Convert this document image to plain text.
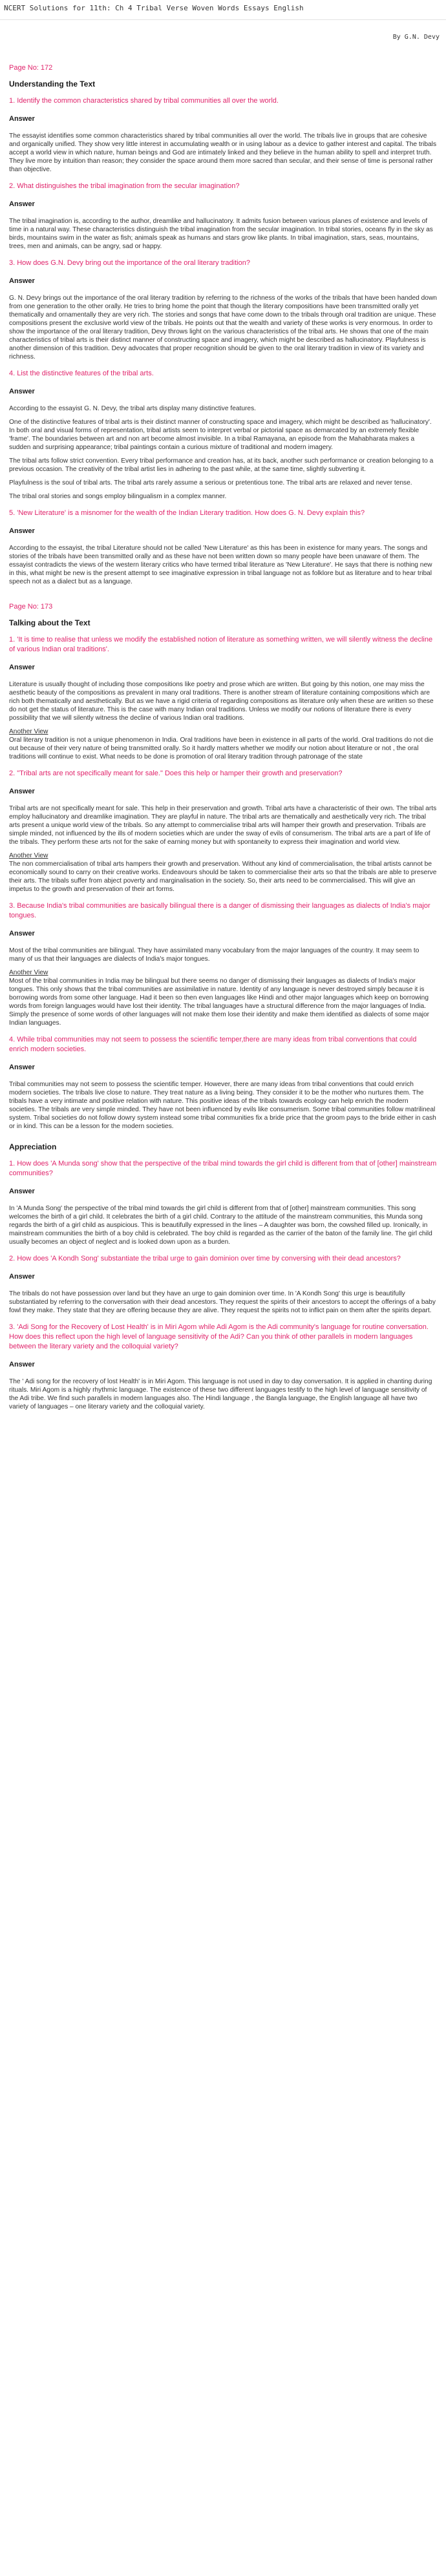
NCERT Solutions for 11th: Ch 4 Tribal Verse Woven Words Essays English
By G.N. Devy
Page No: 172
Understanding the Text
1. Identify the common characteristics shared by tribal communities all over the world.
Answer

The essayist identifies some common characteristics shared by tribal communities all over the world. The tribals live in groups that are cohesive and organically unified. They show very little interest in accumulating wealth or in using labour as a device to gather interest and capital. The tribals accept a world view in which nature, human beings and God are intimately linked and they believe in the human ability to spell and interpret truth. They live more by intuition than reason; they consider the space around them more sacred than secular, and their sense of time is personal rather than objective.

2. What distinguishes the tribal imagination from the secular imagination?
Answer

The tribal imagination is, according to the author, dreamlike and hallucinatory. It admits fusion between various planes of existence and levels of time in a natural way. These characteristics distinguish the tribal imagination from the secular imagination. In tribal stories, oceans fly in the sky as birds, mountains swim in the water as fish; animals speak as humans and stars grow like plants. In tribal imagination, stars, seas, mountains, trees, men and animals, can be angry, sad or happy.

3. How does G.N. Devy bring out the importance of the oral literary tradition?
Answer

G. N. Devy brings out the importance of the oral literary tradition by referring to the richness of the works of the tribals that have been handed down from one generation to the other orally. He tries to bring home the point that though the literary compositions have been transmitted orally yet thematically and ornamentally they are very rich. The stories and songs that have come down to the tribals through oral tradition are unique. These compositions present the exclusive world view of the tribals. He points out that the wealth and variety of these works is very enormous. In order to show the importance of the oral literary tradition, Devy throws light on the various characteristics of the tribal arts. He shows that one of the main characteristics of tribal arts is their distinct manner of constructing space and imagery, which might be described as hallucinatory. Playfulness is another dimension of this tradition. Devy advocates that proper recognition should be given to the oral literary tradition in view of its variety and richness.

4. List the distinctive features of the tribal arts.
Answer

According to the essayist G. N. Devy, the tribal arts display many distinctive features.

One of the distinctive features of tribal arts is their distinct manner of constructing space and imagery, which might be described as 'hallucinatory'. In both oral and visual forms of representation, tribal artists seem to interpret verbal or pictorial space as demarcated by an extremely flexible 'frame'. The boundaries between art and non art become almost invisible. In a tribal Ramayana, an episode from the Mahabharata makes a sudden and surprising appearance; tribal paintings contain a curious mixture of traditional and modern imagery.

The tribal arts follow strict convention. Every tribal performance and creation has, at its back, another such performance or creation belonging to a previous occasion. The creativity of the tribal artist lies in adhering to the past while, at the same time, slightly subverting it.

Playfulness is the soul of tribal arts. The tribal arts rarely assume a serious or pretentious tone. The tribal arts are relaxed and never tense.

The tribal oral stories and songs employ bilingualism in a complex manner.

5. 'New Literature' is a misnomer for the wealth of the Indian Literary tradition. How does G. N. Devy explain this?
Answer

According to the essayist, the tribal Literature should not be called 'New Literature' as this has been in existence for many years. The songs and stories of the tribals have been transmitted orally and as these have not been written down so many people have been unaware of them. The essayist contradicts the views of the western literary critics who have termed tribal literature as 'New Literature'. He says that there is nothing new in this, what might be new is the present attempt to see imaginative expression in tribal language not as folklore but as literature and to hear tribal speech not as a dialect but as a language.

Page No: 173
Talking about the Text
1. 'It is time to realise that unless we modify the established notion of literature as something written, we will silently witness the decline of various Indian oral traditions'.
Answer

Literature is usually thought of including those compositions like poetry and prose which are written. But going by this notion, one may miss the aesthetic beauty of the compositions as prevalent in many oral traditions. There is another stream of literature containing compositions which are rich both thematically and aesthetically. But as we have a rigid criteria of regarding compositions as literature only when these are written so these do not get the status of literature. This is the case with many Indian oral traditions. Unless we modify our notions of literature there is every possibility that we will silently witness the decline of various Indian oral traditions.

Another View

Oral literary tradition is not a unique phenomenon in India. Oral traditions have been in existence in all parts of the world. Oral traditions do not die out because of their very nature of being transmitted orally. So it hardly matters whether we modify our notion about literature or not , the oral traditions will continue to exist. What needs to be done is promotion of oral literary tradition through patronage of the state

2. "Tribal arts are not specifically meant for sale." Does this help or hamper their growth and preservation?
Answer

Tribal arts are not specifically meant for sale. This help in their preservation and growth. Tribal arts have a characteristic of their own. The tribal arts employ hallucinatory and dreamlike imagination. They are playful in nature. The tribal arts are thematically and aesthetically very rich. The tribal arts present a unique world view of the tribals. So any attempt to commercialise tribal arts will hamper their growth and preservation. Tribals are simple minded, not influenced by the ills of modern societies which are under the sway of evils of consumerism. The tribal arts are a part of life of the tribals. They perform these arts not for the sake of earning money but with spontaneity to express their imagination and world view.

Another View

The non commercialisation of tribal arts hampers their growth and preservation. Without any kind of commercialisation, the tribal artists cannot be economically sound to carry on their creative works. Endeavours should be taken to commercialise their arts so that the tribals are able to preserve their arts. The tribals suffer from abject poverty and marginalisation in the society. So, their arts need to be commercialised. This will give an impetus to the growth and preservation of their art forms.

3. Because India's tribal communities are basically bilingual there is a danger of dismissing their languages as dialects of India's major tongues.
Answer

Most of the tribal communities are bilingual. They have assimilated many vocabulary from the major languages of the country. It may seem to many of us that their languages are dialects of India's major tongues.

Another View

Most of the tribal communities in India may be bilingual but there seems no danger of dismissing their languages as dialects of India's major tongues. This only shows that the tribal communities are assimilative in nature. Identity of any language is never destroyed simply because it is borrowing words from some other language. Had it been so then even languages like Hindi and other major languages which keep on borrowing words from foreign languages would have lost their identity. The tribal languages have a structural difference from the major languages of India. Simply the presence of some words of other languages will not make them lose their identity and make them identified as dialects of some major Indian languages.

4. While tribal communities may not seem to possess the scientific temper,there are many ideas from tribal conventions that could enrich modern societies.
Answer

Tribal communities may not seem to possess the scientific temper. However, there are many ideas from tribal conventions that could enrich modern societies. The tribals live close to nature. They treat nature as a living being. They consider it to be the mother who nurtures them. The tribals have a very intimate and positive relation with nature. This positive ideas of the tribals towards ecology can help enrich the modern societies. The tribals are very simple minded. They have not been influenced by evils like consumerism. Some tribal communities follow matrilineal system. Tribal societies do not follow dowry system instead some tribal communities fix a bride price that the groom pays to the bride either in cash or in kind. This can be a lesson for the modern societies.

Appreciation
1. How does 'A Munda song' show that the perspective of the tribal mind towards the girl child is different from that of [other] mainstream communities?
Answer

In 'A Munda Song' the perspective of the tribal mind towards the girl child is different from that of [other] mainstream communities. This song welcomes the birth of a girl child. It celebrates the birth of a girl child. Contrary to the attitude of the mainstream communities, this Munda song regards the birth of a girl child as auspicious. This is beautifully expressed in the lines – A daughter was born, the cowshed filled up. Ironically, in mainstream communities the birth of a boy child is celebrated. The boy child is regarded as the carrier of the baton of the family line. The girl child usually becomes an object of neglect and is looked down upon as a burden.

2. How does 'A Kondh Song' substantiate the tribal urge to gain dominion over time by conversing with their dead ancestors?
Answer

The tribals do not have possession over land but they have an urge to gain dominion over time. In 'A Kondh Song' this urge is beautifully substantiated by referring to the conversation with their dead ancestors. They request the spirits of their ancestors to accept the offerings of a baby fowl they make. They state that they are offering because they are alive. They request the spirits not to inflict pain on them after the spirits depart.

3. 'Adi Song for the Recovery of Lost Health' is in Miri Agom while Adi Agom is the Adi community's language for routine conversation. How does this reflect upon the high level of language sensitivity of the Adi? Can you think of other parallels in modern languages between the literary variety and the colloquial variety?
Answer

The ' Adi song for the recovery of lost Health' is in Miri Agom. This language is not used in day to day conversation. It is applied in chanting during rituals. Miri Agom is a highly rhythmic language. The existence of these two different languages testify to the high level of language sensitivity of the Adi tribe. We find such parallels in modern languages also. The Hindi language , the Bangla language, the English language all have two variety of languages – one literary variety and the colloquial variety.
